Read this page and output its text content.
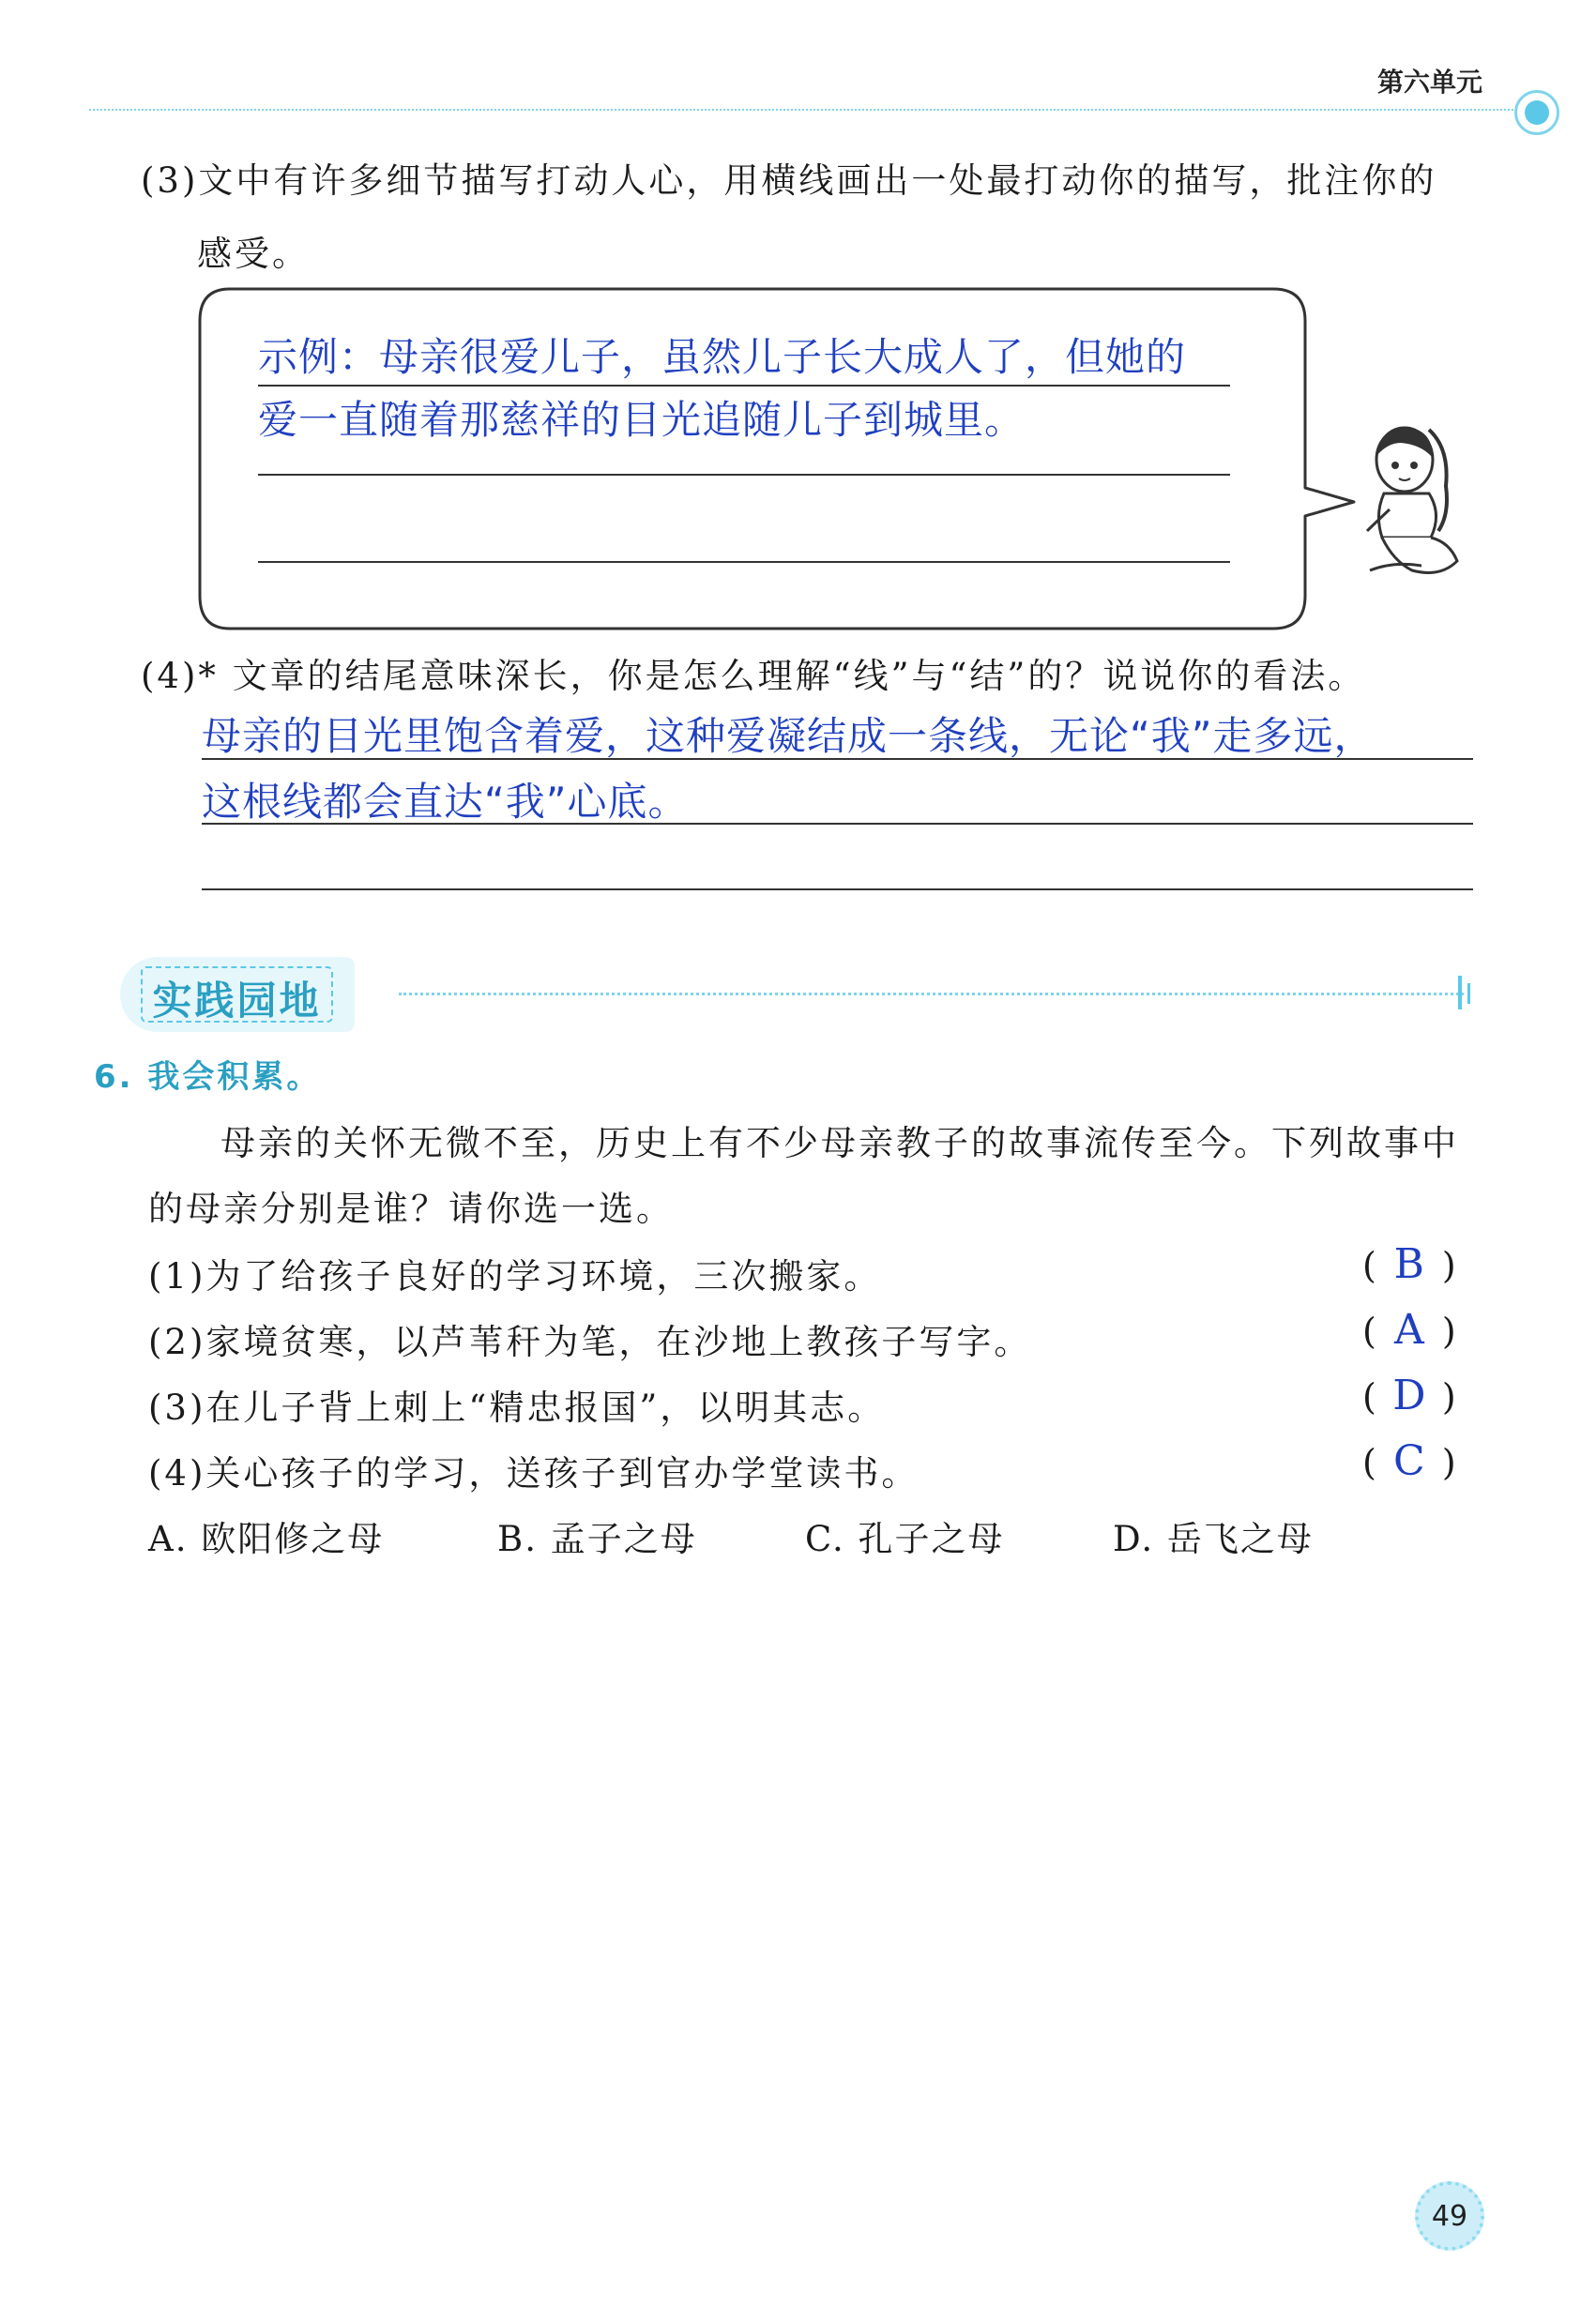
第六单元
(3)文中有许多细节描写打动人心，用横线画出一处最打动你的描写，批注你的
感受。
示例：母亲很爱儿子，虽然儿子长大成人了，但她的
爱一直随着那慈祥的目光追随儿子到城里。
(4)* 文章的结尾意味深长，你是怎么理解“线”与“结”的？说说你的看法。
母亲的目光里饱含着爱，这种爱凝结成一条线，无论“我”走多远，
这根线都会直达“我”心底。
实践园地
6. 我会积累。
母亲的关怀无微不至，历史上有不少母亲教子的故事流传至今。下列故事中
的母亲分别是谁？请你选一选。
(1)为了给孩子良好的学习环境，三次搬家。	( B )
(2)家境贫寒，以芦苇秆为笔，在沙地上教孩子写字。	( A )
(3)在儿子背上刺上“精忠报国”，以明其志。	( D )
(4)关心孩子的学习，送孩子到官办学堂读书。	( C )
A. 欧阳修之母	B. 孟子之母	C. 孔子之母	D. 岳飞之母
49
